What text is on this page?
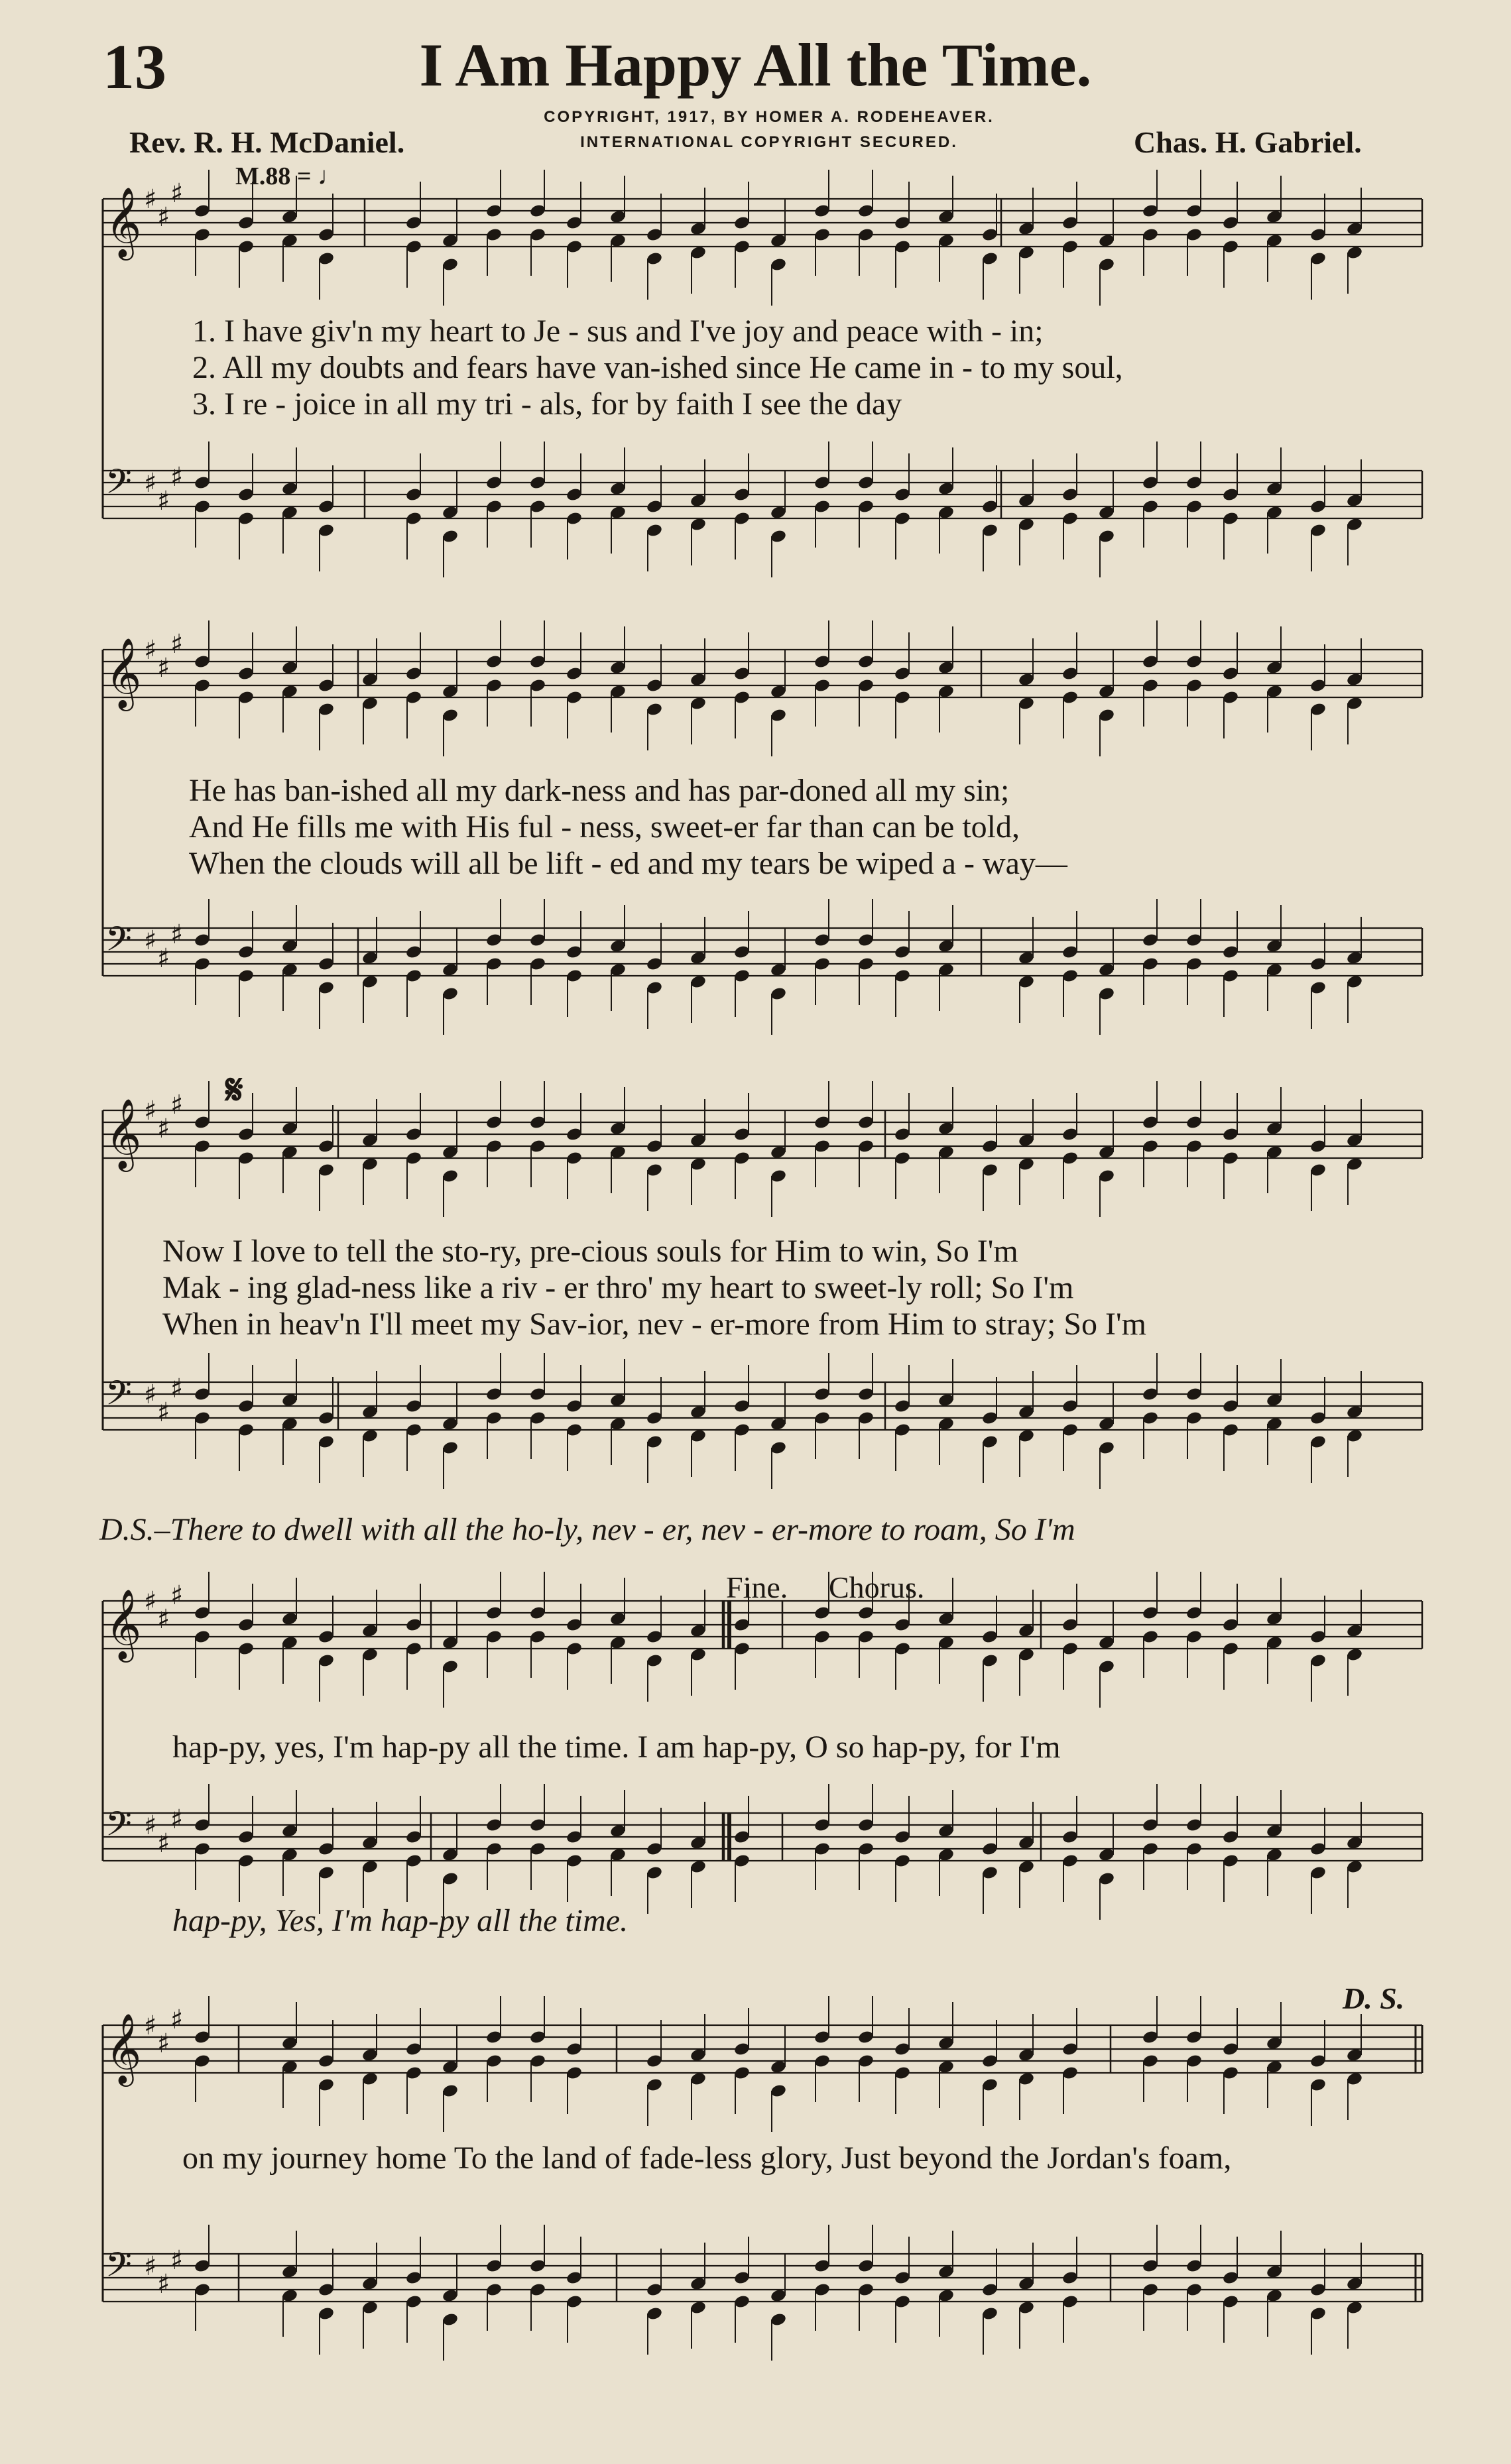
13	I Am Happy All the Time.
COPYRIGHT, 1917, BY HOMER A. RODEHEAVER.
INTERNATIONAL COPYRIGHT SECURED.
Rev. R. H. McDaniel.	Chas. H. Gabriel.
M.88 = ♩
𝄞 ♯
♯
♯
𝄢 ♯
♯
♯
1. I have giv'n my heart to Je - sus and I've joy and peace with - in;
2. All my doubts and fears have van-ished since He came in - to my soul,
3. I re - joice in all my tri - als, for by faith I see the day
𝄞 ♯
♯
♯
𝄢 ♯
♯
♯
He has ban-ished all my dark-ness and has par-doned all my sin;
And He fills me with His ful - ness, sweet-er far than can be told,
When the clouds will all be lift - ed and my tears be wiped a - way—
𝄋
𝄞 ♯
♯
♯
𝄢 ♯
♯
♯
Now I love to tell the sto-ry, pre-cious souls for Him to win, So I'm
Mak - ing glad-ness like a riv - er thro' my heart to sweet-ly roll; So I'm
When in heav'n I'll meet my Sav-ior, nev - er-more from Him to stray; So I'm
D.S.–There to dwell with all the ho-ly, nev - er, nev - er-more to roam, So I'm
Fine. Chorus.
𝄞 ♯
♯
♯
𝄢 ♯
♯
♯
hap-py, yes, I'm hap-py all the time. I am hap-py, O so hap-py, for I'm
hap-py, Yes, I'm hap-py all the time.
D. S.
𝄞 ♯
♯
♯
𝄢 ♯
♯
♯
on my journey home To the land of fade-less glory, Just beyond the Jordan's foam,
